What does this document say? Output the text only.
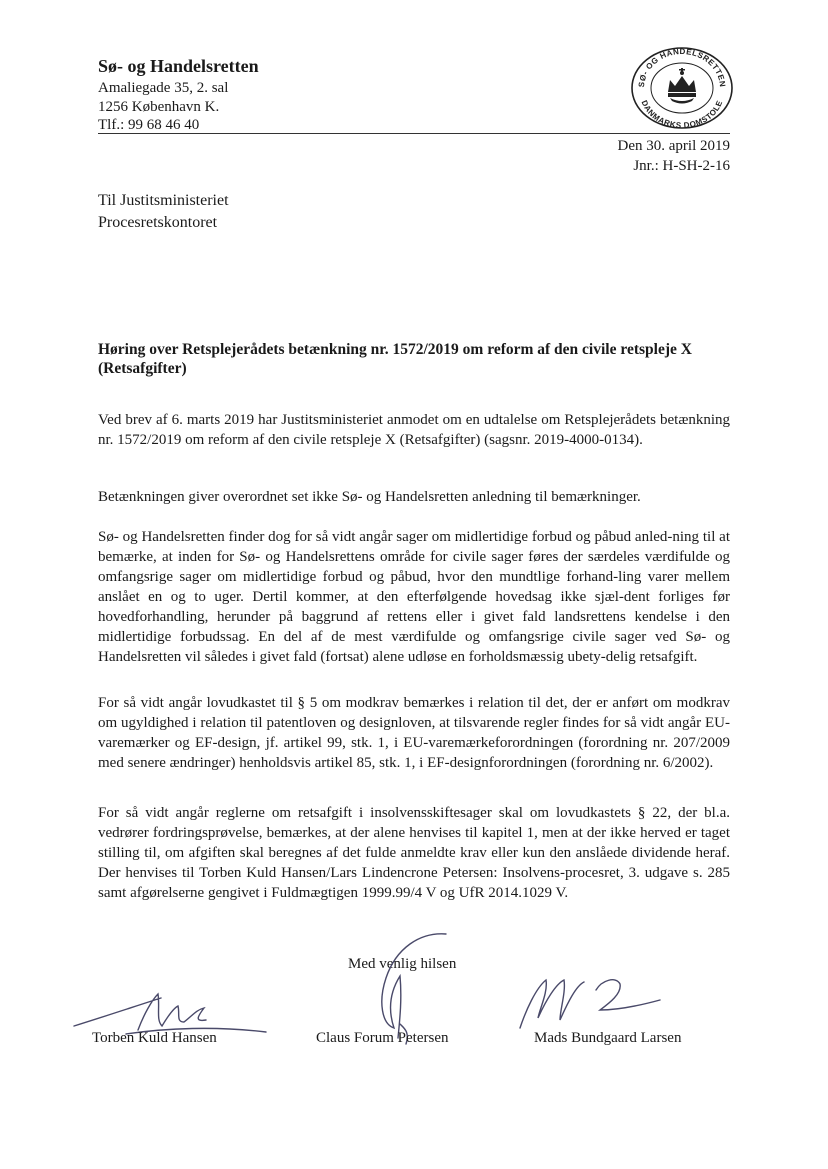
Sø- og Handelsretten
Amaliegade 35, 2. sal
1256 København K.
Tlf.: 99 68 46 40
SØ- OG HANDELSRETTEN
DANMARKS DOMSTOLE
Den 30. april 2019
Jnr.: H-SH-2-16
Til Justitsministeriet
Procesretskontoret
Høring over Retsplejerådets betænkning nr. 1572/2019 om reform af den civile retspleje X (Retsafgifter)

Ved brev af 6. marts 2019 har Justitsministeriet anmodet om en udtalelse om Retsplejerådets betænkning nr. 1572/2019 om reform af den civile retspleje X (Retsafgifter) (sagsnr. 2019-4000-0134).

Betænkningen giver overordnet set ikke Sø- og Handelsretten anledning til bemærkninger.

Sø- og Handelsretten finder dog for så vidt angår sager om midlertidige forbud og påbud anled-ning til at bemærke, at inden for Sø- og Handelsrettens område for civile sager føres der særdeles værdifulde og omfangsrige sager om midlertidige forbud og påbud, hvor den mundtlige forhand-ling varer mellem anslået en og to uger. Dertil kommer, at den efterfølgende hovedsag ikke sjæl-dent forliges før hovedforhandling, herunder på baggrund af rettens eller i givet fald landsrettens kendelse i den midlertidige forbudssag. En del af de mest værdifulde og omfangsrige civile sager ved Sø- og Handelsretten vil således i givet fald (fortsat) alene udløse en forholdsmæssig ubety-delig retsafgift.

For så vidt angår lovudkastet til § 5 om modkrav bemærkes i relation til det, der er anført om modkrav om ugyldighed i relation til patentloven og designloven, at tilsvarende regler findes for så vidt angår EU-varemærker og EF-design, jf. artikel 99, stk. 1, i EU-varemærkeforordningen (forordning nr. 207/2009 med senere ændringer) henholdsvis artikel 85, stk. 1, i EF-designforordningen (forordning nr. 6/2002).

For så vidt angår reglerne om retsafgift i insolvensskiftesager skal om lovudkastets § 22, der bl.a. vedrører fordringsprøvelse, bemærkes, at der alene henvises til kapitel 1, men at der ikke herved er taget stilling til, om afgiften skal beregnes af det fulde anmeldte krav eller kun den anslåede dividende heraf. Der henvises til Torben Kuld Hansen/Lars Lindencrone Petersen: Insolvens-procesret, 3. udgave s. 285 samt afgørelserne gengivet i Fuldmægtigen 1999.99/4 V og UfR 2014.1029 V.

Med venlig hilsen
Torben Kuld Hansen	Claus Forum Petersen	Mads Bundgaard Larsen
